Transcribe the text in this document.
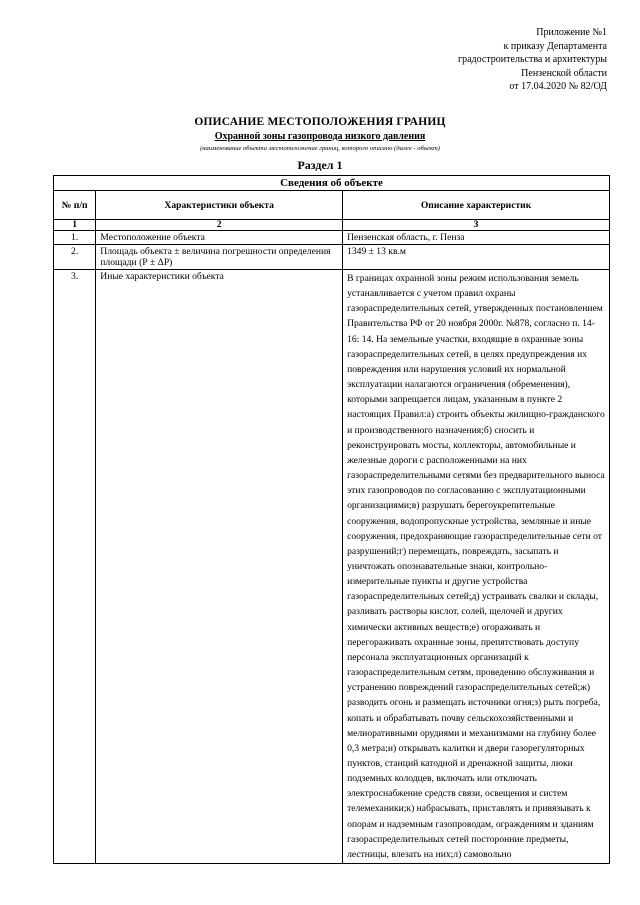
Приложение №1
к приказу Департамента
градостроительства и архитектуры
Пензенской области
от 17.04.2020 № 82/ОД
ОПИСАНИЕ МЕСТОПОЛОЖЕНИЯ ГРАНИЦ
Охранной зоны газопровода низкого давления
(наименование объекта местоположение границ, которого описано (далее - объект)
Раздел 1
Сведения об объекте		
№ п/п	Характеристики объекта	Описание характеристик
1	2	3
1.	Местоположение объекта	Пензенская область, г. Пенза
2.	Площадь объекта ± величина погрешности определения площади (Р ± ΔР)	1349 ± 13 кв.м
3.	Иные характеристики объекта	В границах охранной зоны режим использования земель устанавливается с учетом правил охраны газораспределительных сетей, утвержденных постановлением Правительства РФ от 20 ноября 2000г. №878, согласно п. 14-16: 14. На земельные участки, входящие в охранные зоны газораспределительных сетей, в целях предупреждения их повреждения или нарушения условий их нормальной эксплуатации налагаются ограничения (обременения), которыми запрещается лицам, указанным в пункте 2 настоящих Правил:а) строить объекты жилищно-гражданского и производственного назначения;б) сносить и реконструировать мосты, коллекторы, автомобильные и железные дороги с расположенными на них газораспределительными сетями без предварительного выноса этих газопроводов по согласованию с эксплуатационными организациями;в) разрушать берегоукрепительные сооружения, водопропускные устройства, земляные и иные сооружения, предохраняющие газораспределительные сети от разрушений;г) перемещать, повреждать, засыпать и уничтожать опознавательные знаки, контрольно-измерительные пункты и другие устройства газораспределительных сетей;д) устраивать свалки и склады, разливать растворы кислот, солей, щелочей и других химически активных веществ;е) огораживать и перегораживать охранные зоны, препятствовать доступу персонала эксплуатационных организаций к газораспределительным сетям, проведению обслуживания и устранению повреждений газораспределительных сетей;ж) разводить огонь и размещать источники огня;з) рыть погреба, копать и обрабатывать почву сельскохозяйственными и мелиоративными орудиями и механизмами на глубину более 0,3 метра;и) открывать калитки и двери газорегуляторных пунктов, станций катодной и дренажной защиты, люки подземных колодцев, включать или отключать электроснабжение средств связи, освещения и систем телемеханики;к) набрасывать, приставлять и привязывать к опорам и надземным газопроводам, ограждениям и зданиям газораспределительных сетей посторонние предметы, лестницы, влезать на них;л) самовольно
